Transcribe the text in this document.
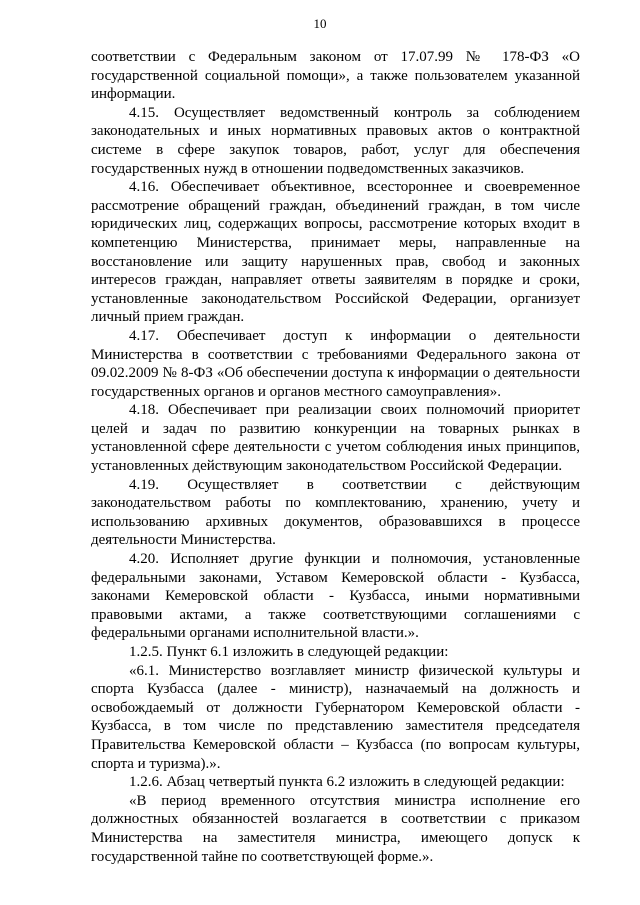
10

соответствии с Федеральным законом от 17.07.99 № 178-ФЗ «О государственной социальной помощи», а также пользователем указанной информации.

4.15. Осуществляет ведомственный контроль за соблюдением законодательных и иных нормативных правовых актов о контрактной системе в сфере закупок товаров, работ, услуг для обеспечения государственных нужд в отношении подведомственных заказчиков.

4.16. Обеспечивает объективное, всестороннее и своевременное рассмотрение обращений граждан, объединений граждан, в том числе юридических лиц, содержащих вопросы, рассмотрение которых входит в компетенцию Министерства, принимает меры, направленные на восстановление или защиту нарушенных прав, свобод и законных интересов граждан, направляет ответы заявителям в порядке и сроки, установленные законодательством Российской Федерации, организует личный прием граждан.

4.17. Обеспечивает доступ к информации о деятельности Министерства в соответствии с требованиями Федерального закона от 09.02.2009 № 8-ФЗ «Об обеспечении доступа к информации о деятельности государственных органов и органов местного самоуправления».

4.18. Обеспечивает при реализации своих полномочий приоритет целей и задач по развитию конкуренции на товарных рынках в установленной сфере деятельности с учетом соблюдения иных принципов, установленных действующим законодательством Российской Федерации.

4.19. Осуществляет в соответствии с действующим законодательством работы по комплектованию, хранению, учету и использованию архивных документов, образовавшихся в процессе деятельности Министерства.

4.20. Исполняет другие функции и полномочия, установленные федеральными законами, Уставом Кемеровской области - Кузбасса, законами Кемеровской области - Кузбасса, иными нормативными правовыми актами, а также соответствующими соглашениями с федеральными органами исполнительной власти.».

1.2.5. Пункт 6.1 изложить в следующей редакции:

«6.1. Министерство возглавляет министр физической культуры и спорта Кузбасса (далее - министр), назначаемый на должность и освобождаемый от должности Губернатором Кемеровской области - Кузбасса, в том числе по представлению заместителя председателя Правительства Кемеровской области – Кузбасса (по вопросам культуры, спорта и туризма).».

1.2.6. Абзац четвертый пункта 6.2 изложить в следующей редакции:

«В период временного отсутствия министра исполнение его должностных обязанностей возлагается в соответствии с приказом Министерства на заместителя министра, имеющего допуск к государственной тайне по соответствующей форме.».
